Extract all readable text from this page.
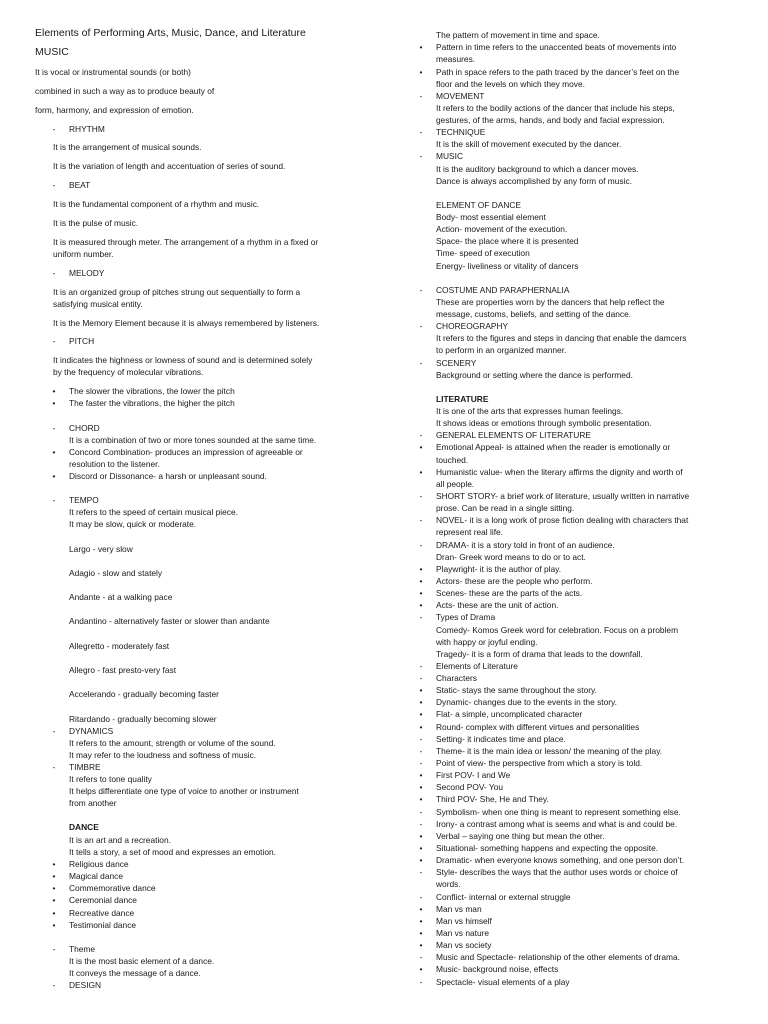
Elements of Performing Arts, Music, Dance, and Literature
MUSIC
It is vocal or instrumental sounds (or both)
combined in such a way as to produce beauty of
form, harmony, and expression of emotion.
-	RHYTHM
It is the arrangement of musical sounds.
It is the variation of length and accentuation of series of sound.
-	BEAT
It is the fundamental component of a rhythm and music.
It is the pulse of music.
It is measured through meter. The arrangement of a rhythm in a fixed or
uniform number.
-	MELODY
It is an organized group of pitches strung out sequentially to form a
satisfying musical entity.
It is the Memory Element because it is always remembered by listeners.
-	PITCH
It indicates the highness or lowness of sound and is determined solely
by the frequency of molecular vibrations.
•	The slower the vibrations, the lower the pitch
•	The faster the vibrations, the higher the pitch
-	CHORD
It is a combination of two or more tones sounded at the same time.
•	Concord Combination- produces an impression of agreeable or
resolution to the listener.
•	Discord or Dissonance- a harsh or unpleasant sound.
-	TEMPO
It refers to the speed of certain musical piece.
It may be slow, quick or moderate.
Largo - very slow
Adagio - slow and stately
Andante - at a walking pace
Andantino - alternatively faster or slower than andante
Allegretto - moderately fast
Allegro - fast presto-very fast
Accelerando - gradually becoming faster
Ritardando - gradually becoming slower
-	DYNAMICS
It refers to the amount, strength or volume of the sound.
It may refer to the loudness and softness of music.
-	TIMBRE
It refers to tone quality
It helps differentiate one type of voice to another or instrument
from another
DANCE
It is an art and a recreation.
It tells a story, a set of mood and expresses an emotion.
•	Religious dance
•	Magical dance
•	Commemorative dance
•	Ceremonial dance
•	Recreative dance
•	Testimonial dance
-	Theme
It is the most basic element of a dance.
It conveys the message of a dance.
-	DESIGN
The pattern of movement in time and space.
•	Pattern in time refers to the unaccented beats of movements into
measures.
•	Path in space refers to the path traced by the dancer’s feet on the
floor and the levels on which they move.
-	MOVEMENT
It refers to the bodily actions of the dancer that include his steps,
gestures, of the arms, hands, and body and facial expression.
-	TECHNIQUE
It is the skill of movement executed by the dancer.
-	MUSIC
It is the auditory background to which a dancer moves.
Dance is always accomplished by any form of music.
ELEMENT OF DANCE
Body- most essential element
Action- movement of the execution.
Space- the place where it is presented
Time- speed of execution
Energy- liveliness or vitality of dancers
-	COSTUME AND PARAPHERNALIA
These are properties worn by the dancers that help reflect the
message, customs, beliefs, and setting of the dance.
-	CHOREOGRAPHY
It refers to the figures and steps in dancing that enable the damcers
to perform in an organized manner.
-	SCENERY
Background or setting where the dance is performed.
LITERATURE
It is one of the arts that expresses human feelings.
It shows ideas or emotions through symbolic presentation.
-	GENERAL ELEMENTS OF LITERATURE
•	Emotional Appeal- is attained when the reader is emotionally or
touched.
•	Humanistic value- when the literary affirms the dignity and worth of
all people.
-	SHORT STORY- a brief work of literature, usually written in narrative
prose. Can be read in a single sitting.
-	NOVEL- it is a long work of prose fiction dealing with characters that
represent real life.
-	DRAMA- it is a story told in front of an audience.
Dran- Greek word means to do or to act.
•	Playwright- it is the author of play.
•	Actors- these are the people who perform.
•	Scenes- these are the parts of the acts.
•	Acts- these are the unit of action.
-	Types of Drama
Comedy- Komos Greek word for celebration. Focus on a problem
with happy or joyful ending.
Tragedy- it is a form of drama that leads to the downfall.
-	Elements of Literature
-	Characters
•	Static- stays the same throughout the story.
•	Dynamic- changes due to the events in the story.
•	Flat- a simple, uncomplicated character
•	Round- complex with different virtues and personalities
-	Setting- it indicates time and place.
-	Theme- it is the main idea or lesson/ the meaning of the play.
-	Point of view- the perspective from which a story is told.
•	First POV- I and We
•	Second POV- You
•	Third POV- She, He and They.
-	Symbolism- when one thing is meant to represent something else.
-	Irony- a contrast among what is seems and what is and could be.
•	Verbal – saying one thing but mean the other.
•	Situational- something happens and expecting the opposite.
•	Dramatic- when everyone knows something, and one person don’t.
-	Style- describes the ways that the author uses words or choice of
words.
-	Conflict- internal or external struggle
•	Man vs man
•	Man vs himself
•	Man vs nature
•	Man vs society
-	Music and Spectacle- relationship of the other elements of drama.
•	Music- background noise, effects
-	Spectacle- visual elements of a play
